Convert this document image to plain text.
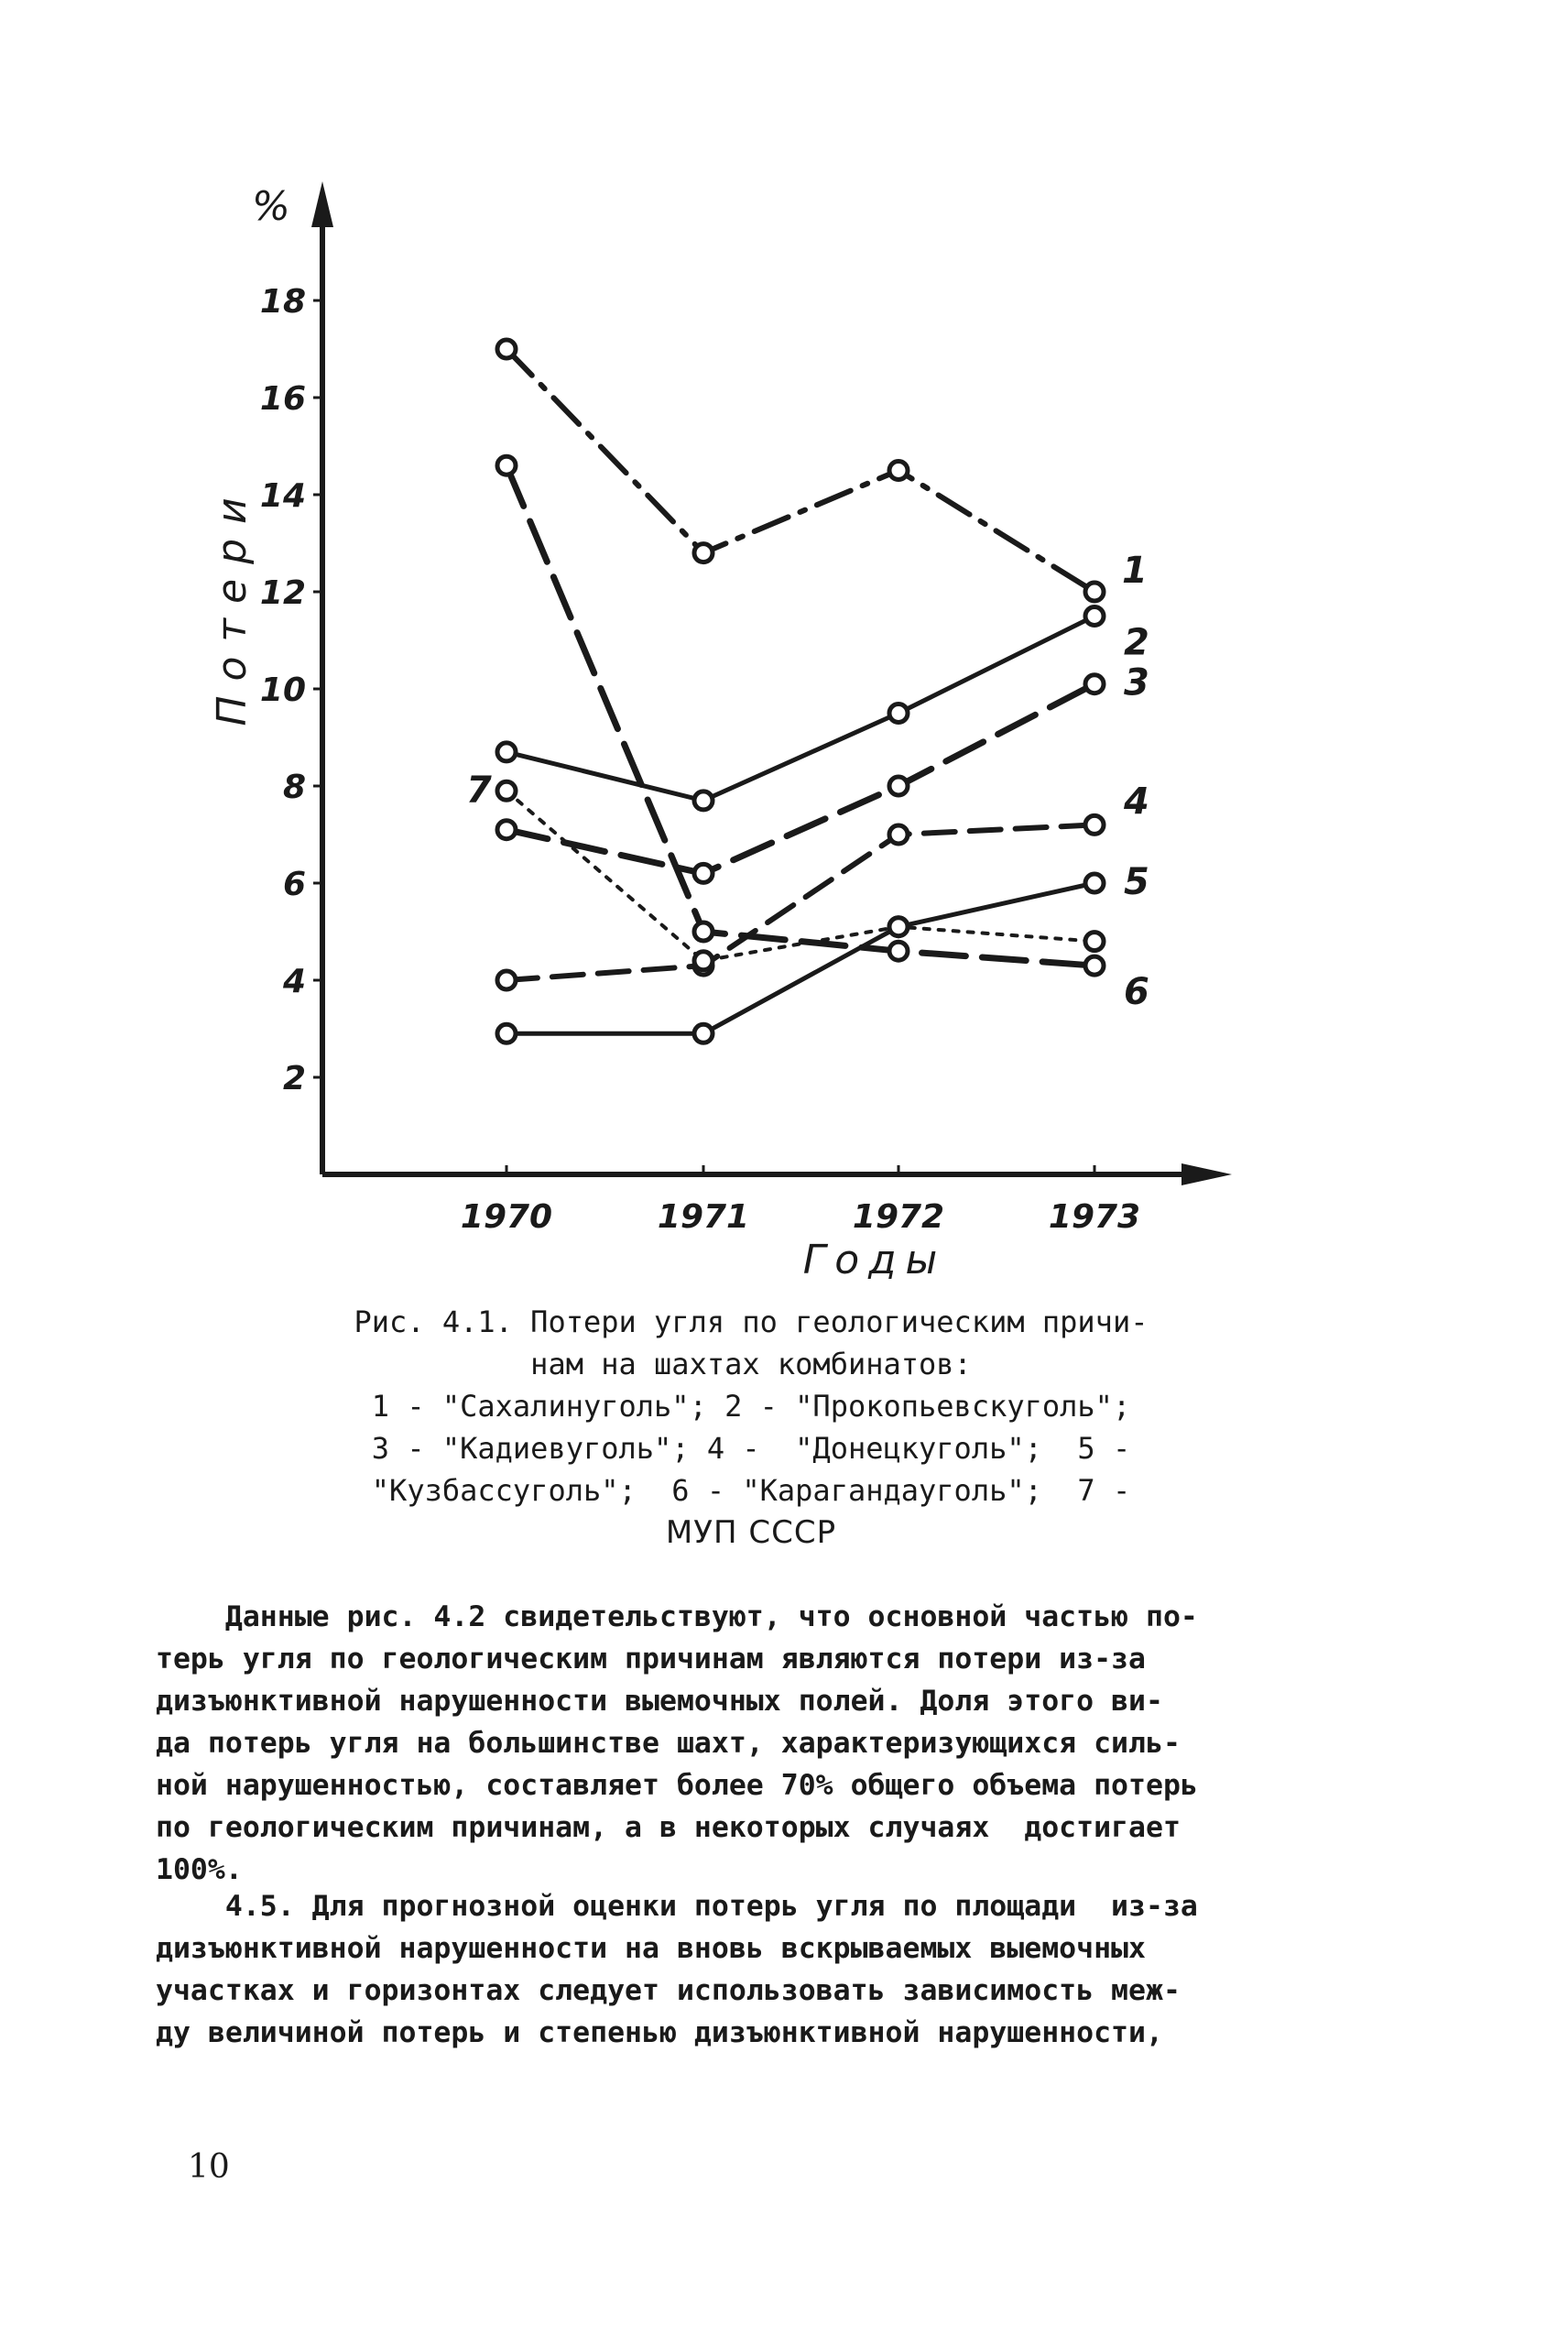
2
4
6
8
10
12
14
16
18
1970	1971	1972	1973
%
Потери
Годы
1
2
3
4
5
6
7
Рис. 4.1. Потери угля по геологическим причи-
нам на шахтах комбинатов:
1 - "Сахалинуголь"; 2 - "Прокопьевскуголь";
3 - "Кадиевуголь"; 4 -  "Донецкуголь";  5 -
"Кузбассуголь";  6 - "Карагандауголь";  7 -
МУП СССР
Данные рис. 4.2 свидетельствуют, что основной частью по-
терь угля по геологическим причинам являются потери из-за
дизъюнктивной нарушенности выемочных полей. Доля этого ви-
да потерь угля на большинстве шахт, характеризующихся силь-
ной нарушенностью, составляет более 70% общего объема потерь
по геологическим причинам, а в некоторых случаях  достигает
100%.
4.5. Для прогнозной оценки потерь угля по площади  из-за
дизъюнктивной нарушенности на вновь вскрываемых выемочных
участках и горизонтах следует использовать зависимость меж-
ду величиной потерь и степенью дизъюнктивной нарушенности,
10
